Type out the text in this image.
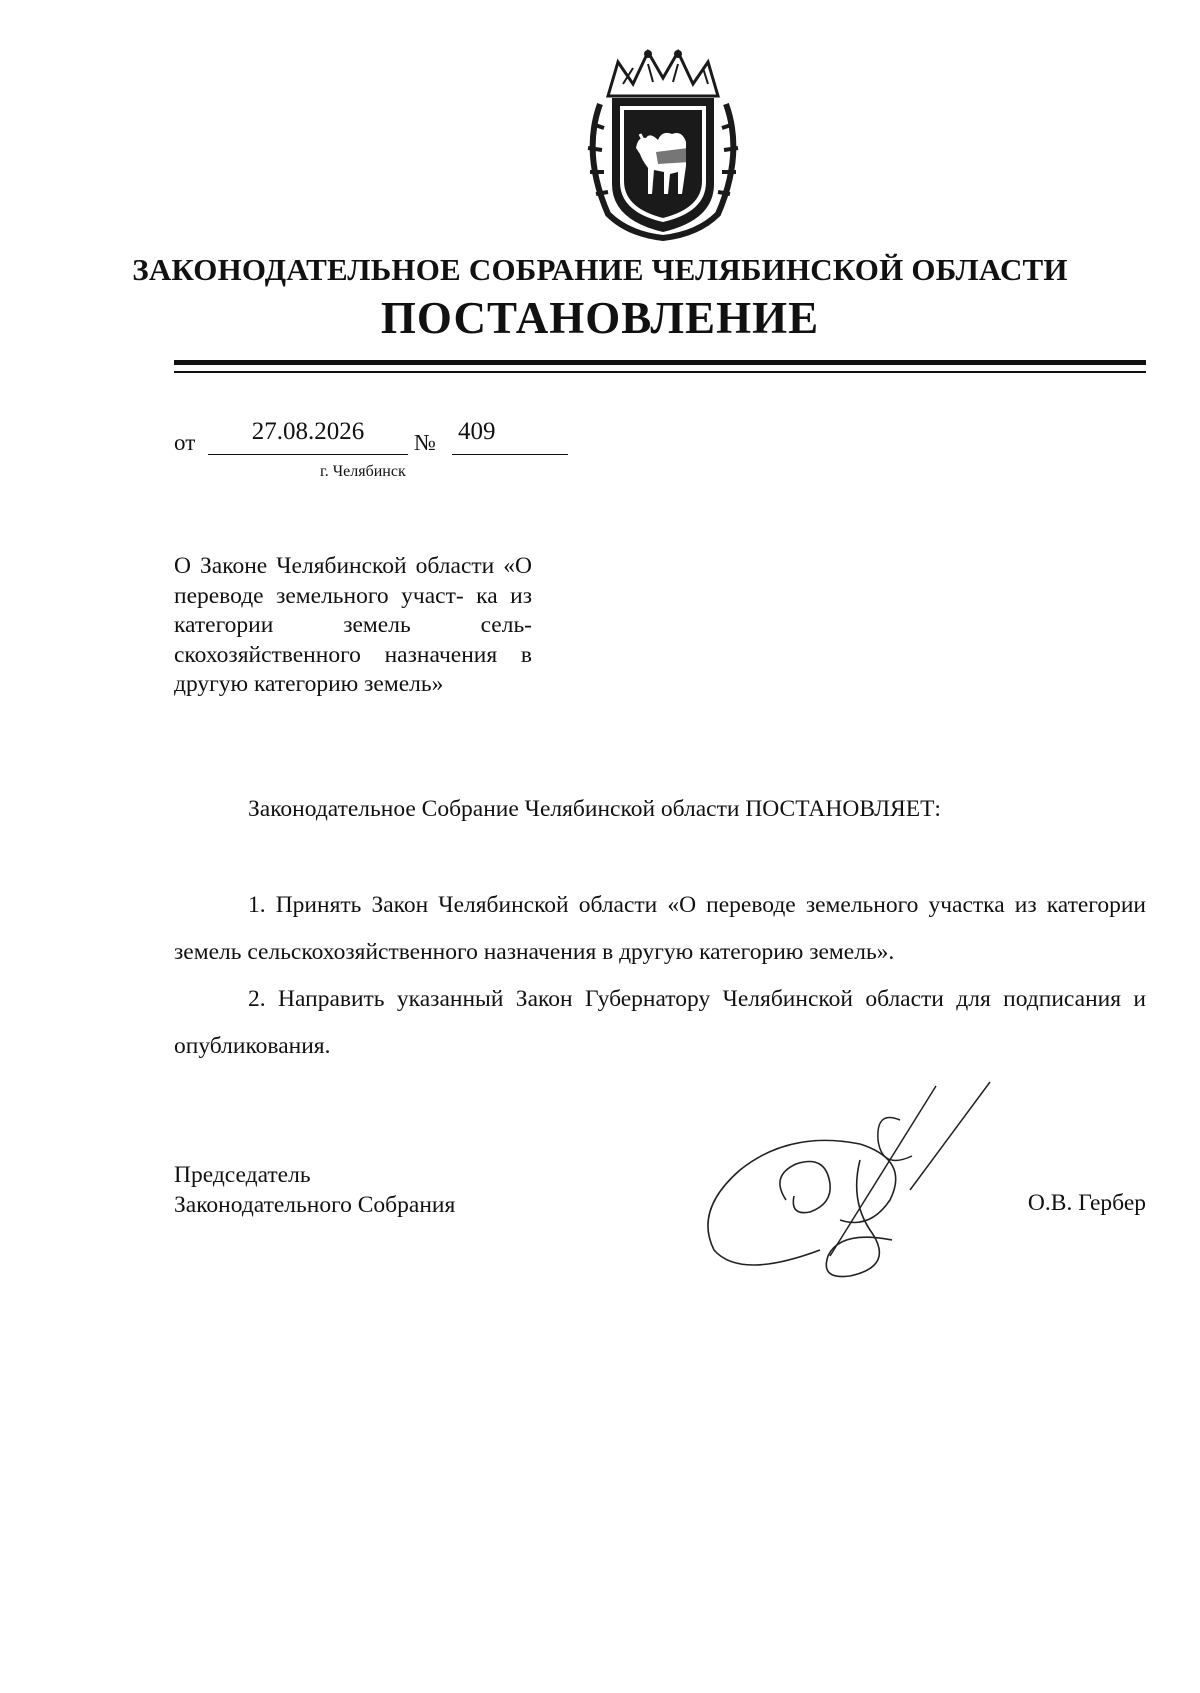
ЗАКОНОДАТЕЛЬНОЕ СОБРАНИЕ ЧЕЛЯБИНСКОЙ ОБЛАСТИ
ПОСТАНОВЛЕНИЕ
от	27.08.2026	№ 409
г. Челябинск

О Законе Челябинской области «О переводе земельного участ- ка из категории земель сель- скохозяйственного назначения в другую категорию земель»

Законодательное Собрание Челябинской области ПОСТАНОВЛЯЕТ:

1. Принять Закон Челябинской области «О переводе земельного участка из категории земель сельскохозяйственного назначения в другую категорию земель».
2. Направить указанный Закон Губернатору Челябинской области для подписания и опубликования.
Председатель
Законодательного Собрания	О.В. Гербер
